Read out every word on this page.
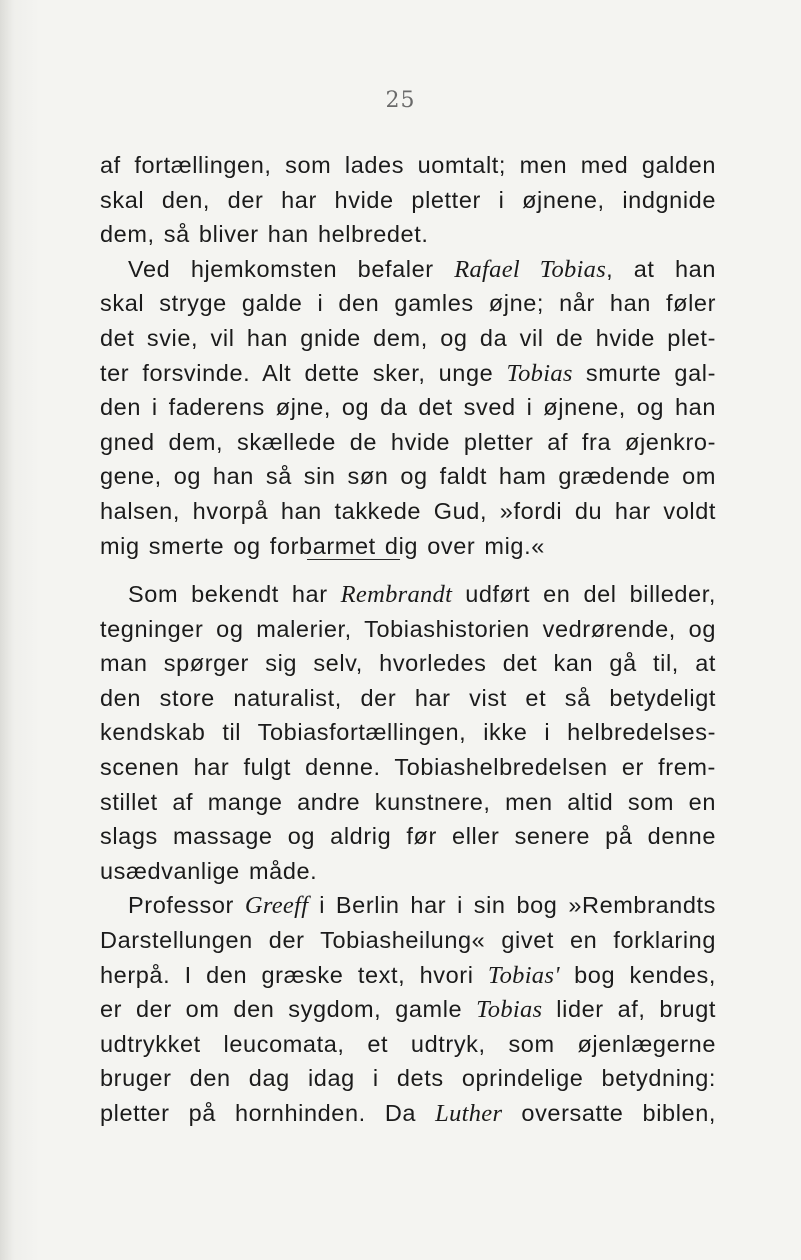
25
af fortællingen, som lades uomtalt; men med galden
skal den, der har hvide pletter i øjnene, indgnide
dem, så bliver han helbredet.
Ved hjemkomsten befaler Rafael Tobias, at han
skal stryge galde i den gamles øjne; når han føler
det svie, vil han gnide dem, og da vil de hvide plet-
ter forsvinde. Alt dette sker, unge Tobias smurte gal-
den i faderens øjne, og da det sved i øjnene, og han
gned dem, skællede de hvide pletter af fra øjenkro-
gene, og han så sin søn og faldt ham grædende om
halsen, hvorpå han takkede Gud, »fordi du har voldt
mig smerte og forbarmet dig over mig.«
Som bekendt har Rembrandt udført en del billeder,
tegninger og malerier, Tobiashistorien vedrørende, og
man spørger sig selv, hvorledes det kan gå til, at
den store naturalist, der har vist et så betydeligt
kendskab til Tobiasfortællingen, ikke i helbredelses-
scenen har fulgt denne. Tobiashelbredelsen er frem-
stillet af mange andre kunstnere, men altid som en
slags massage og aldrig før eller senere på denne
usædvanlige måde.
Professor Greeff i Berlin har i sin bog »Rembrandts
Darstellungen der Tobiasheilung« givet en forklaring
herpå. I den græske text, hvori Tobias' bog kendes,
er der om den sygdom, gamle Tobias lider af, brugt
udtrykket leucomata, et udtryk, som øjenlægerne
bruger den dag idag i dets oprindelige betydning:
pletter på hornhinden. Da Luther oversatte biblen,
